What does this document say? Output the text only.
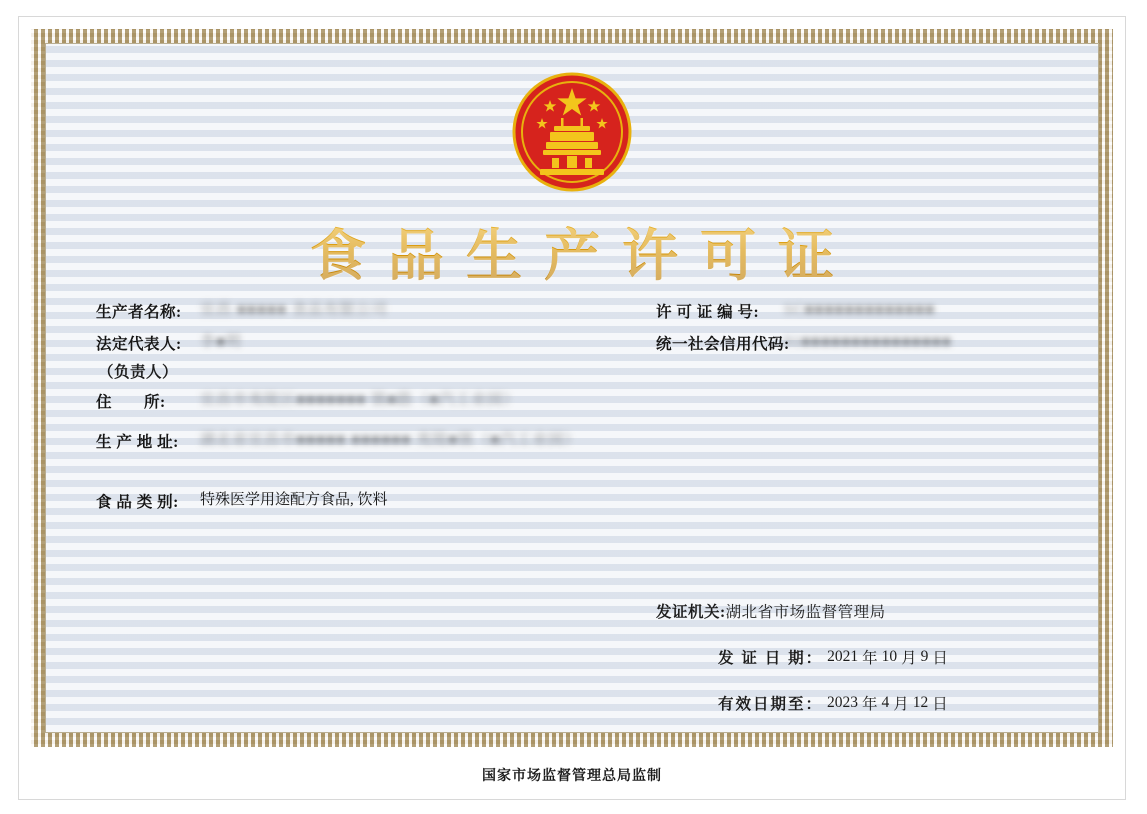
食品生产许可证
生产者名称:	宜昌 ■■■■■ 食品有限公司
法定代表人:	李■明
（负责人）
住　　所:	宜昌市夷陵区■■■■■■■ 镇■路（■汽工业园）
生 产 地 址:	湖北省宜昌市■■■■■ ■■■■■■ 夷陵■镇（■汽工业园）
食 品 类 别:	特殊医学用途配方食品, 饮料
许 可 证 编 号:	SC■■■■■■■■■■■■■
统一社会信用代码:
91■■■■■■■■■■■■■■■
发证机关: 湖北省市场监督管理局
发 证 日 期： 2021 年 10 月 9 日
有效日期至： 2023 年 4 月 12 日
国家市场监督管理总局监制
